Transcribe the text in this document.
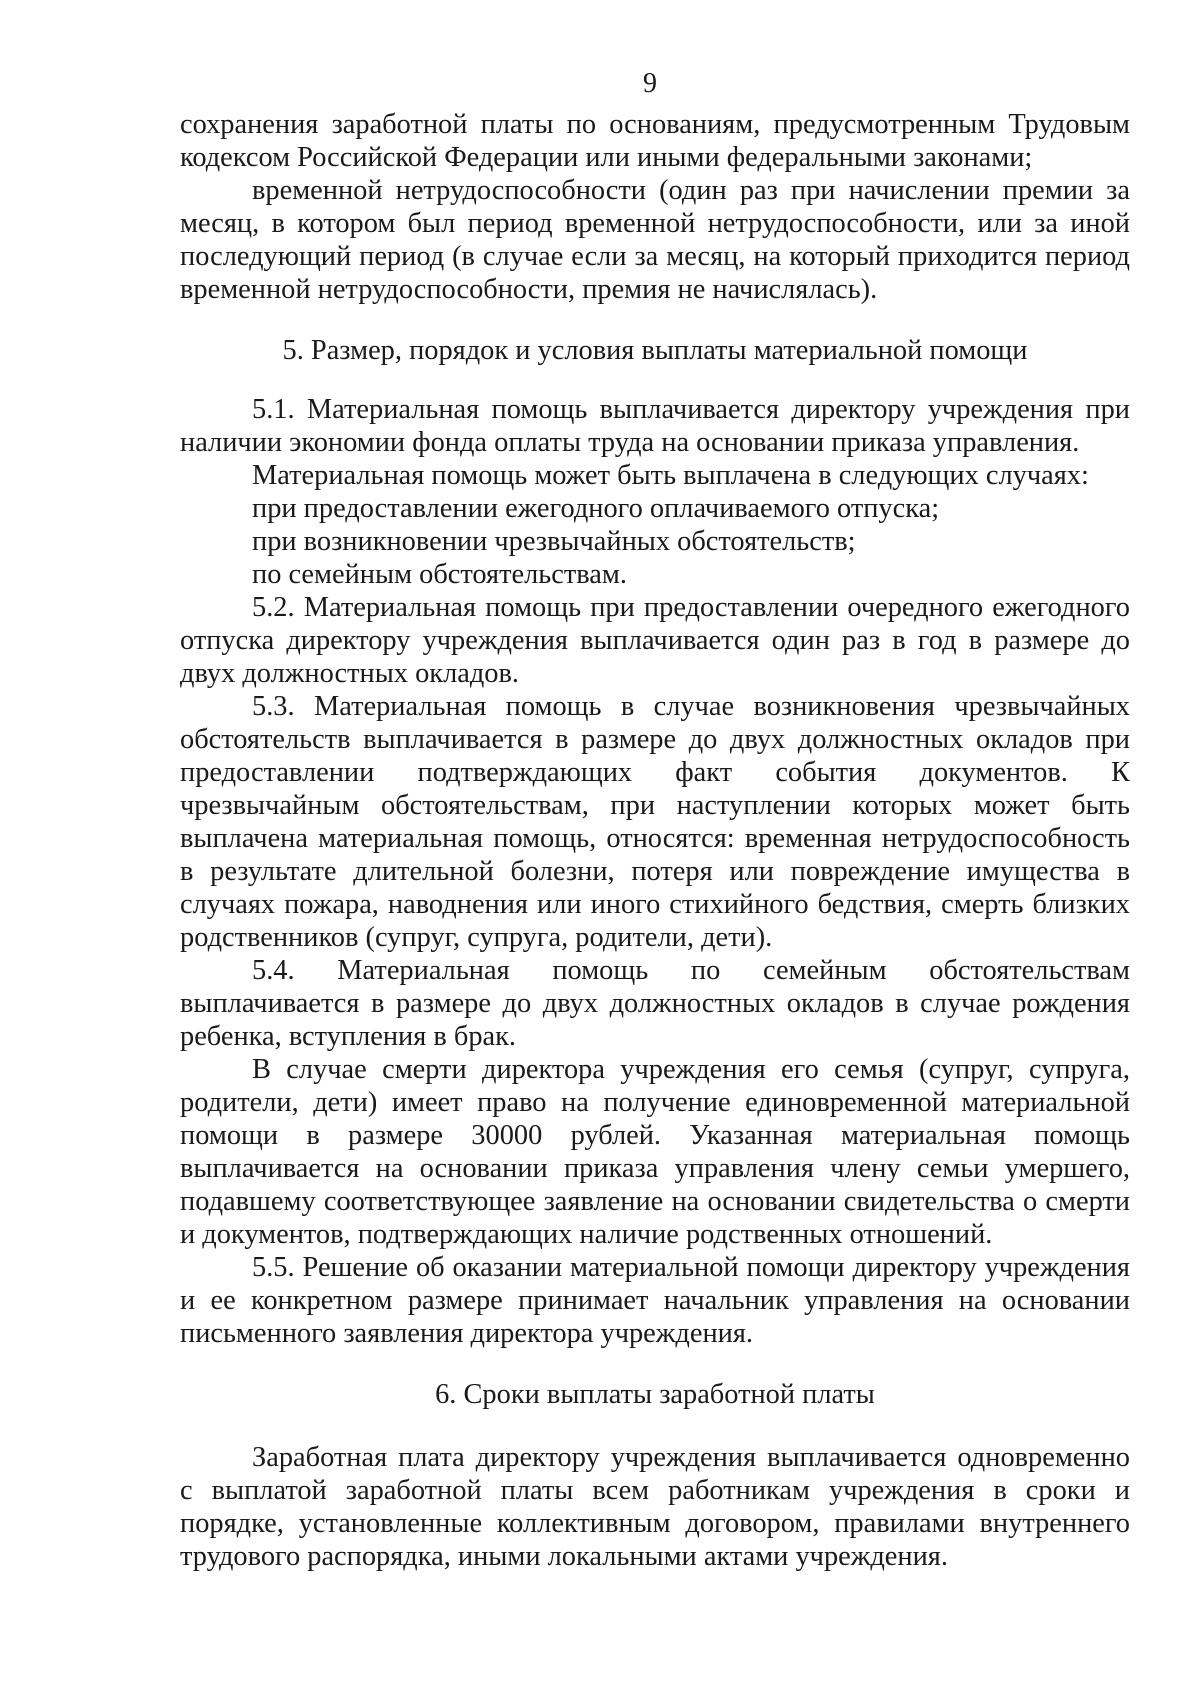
9

сохранения заработной платы по основаниям, предусмотренным Трудовым кодексом Российской Федерации или иными федеральными законами;

временной нетрудоспособности (один раз при начислении премии за месяц, в котором был период временной нетрудоспособности, или за иной последующий период (в случае если за месяц, на который приходится период временной нетрудоспособности, премия не начислялась).

5. Размер, порядок и условия выплаты материальной помощи

5.1. Материальная помощь выплачивается директору учреждения при наличии экономии фонда оплаты труда на основании приказа управления.

Материальная помощь может быть выплачена в следующих случаях:

при предоставлении ежегодного оплачиваемого отпуска;

при возникновении чрезвычайных обстоятельств;

по семейным обстоятельствам.

5.2. Материальная помощь при предоставлении очередного ежегодного отпуска директору учреждения выплачивается один раз в год в размере до двух должностных окладов.

5.3. Материальная помощь в случае возникновения чрезвычайных обстоятельств выплачивается в размере до двух должностных окладов при предоставлении подтверждающих факт события документов. К чрезвычайным обстоятельствам, при наступлении которых может быть выплачена материальная помощь, относятся: временная нетрудоспособность в результате длительной болезни, потеря или повреждение имущества в случаях пожара, наводнения или иного стихийного бедствия, смерть близких родственников (супруг, супруга, родители, дети).

5.4. Материальная помощь по семейным обстоятельствам выплачивается в размере до двух должностных окладов в случае рождения ребенка, вступления в брак.

В случае смерти директора учреждения его семья (супруг, супруга, родители, дети) имеет право на получение единовременной материальной помощи в размере 30000 рублей. Указанная материальная помощь выплачивается на основании приказа управления члену семьи умершего, подавшему соответствующее заявление на основании свидетельства о смерти и документов, подтверждающих наличие родственных отношений.

5.5. Решение об оказании материальной помощи директору учреждения и ее конкретном размере принимает начальник управления на основании письменного заявления директора учреждения.

6. Сроки выплаты заработной платы

Заработная плата директору учреждения выплачивается одновременно с выплатой заработной платы всем работникам учреждения в сроки и порядке, установленные коллективным договором, правилами внутреннего трудового распорядка, иными локальными актами учреждения.
